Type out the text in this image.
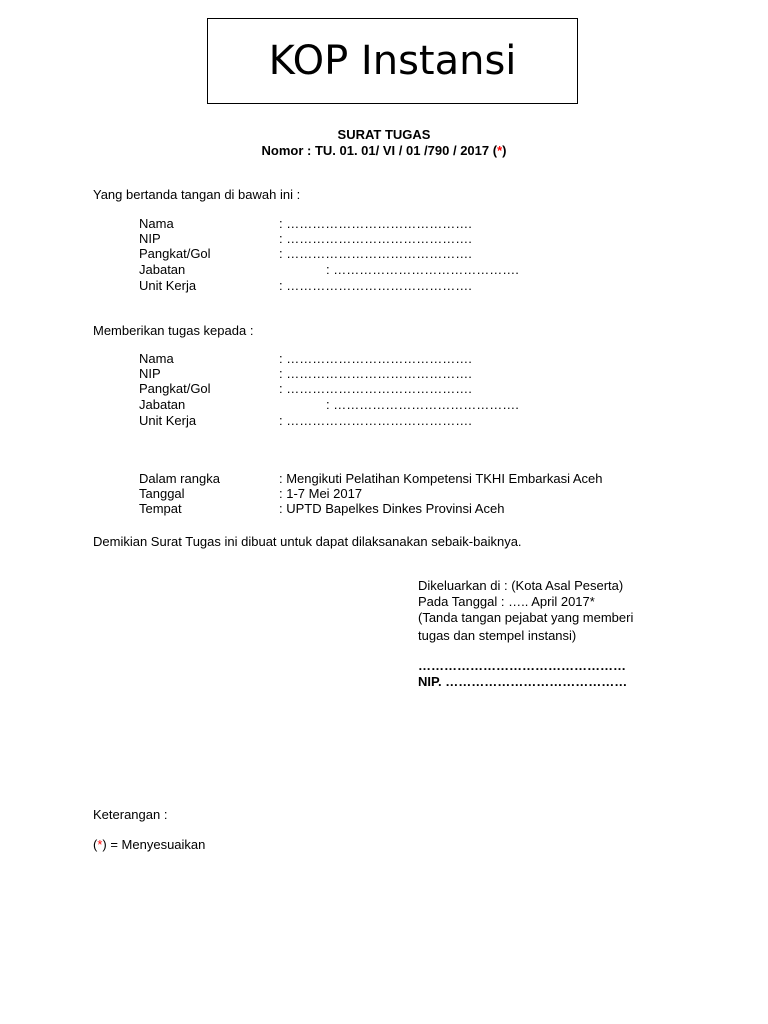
KOP Instansi
SURAT TUGAS
Nomor : TU. 01. 01/ VI / 01 /790 / 2017 (*)
Yang bertanda tangan di bawah ini :
Nama	: …………………………………….
NIP	: …………………………………….
Pangkat/Gol	: …………………………………….
Jabatan	: …………………………………….
Unit Kerja	: …………………………………….
Memberikan tugas kepada :
Nama	: …………………………………….
NIP	: …………………………………….
Pangkat/Gol	: …………………………………….
Jabatan	: …………………………………….
Unit Kerja	: …………………………………….
Dalam rangka	: Mengikuti Pelatihan Kompetensi TKHI Embarkasi Aceh
Tanggal	: 1-7 Mei 2017
Tempat	: UPTD Bapelkes Dinkes Provinsi Aceh
Demikian Surat Tugas ini dibuat untuk dapat dilaksanakan sebaik-baiknya.
Dikeluarkan di : (Kota Asal Peserta)
Pada Tanggal : ….. April 2017*
(Tanda tangan pejabat yang memberi
tugas dan stempel instansi)
…………………………………………
NIP. ……………………………………
Keterangan :
(*) = Menyesuaikan
